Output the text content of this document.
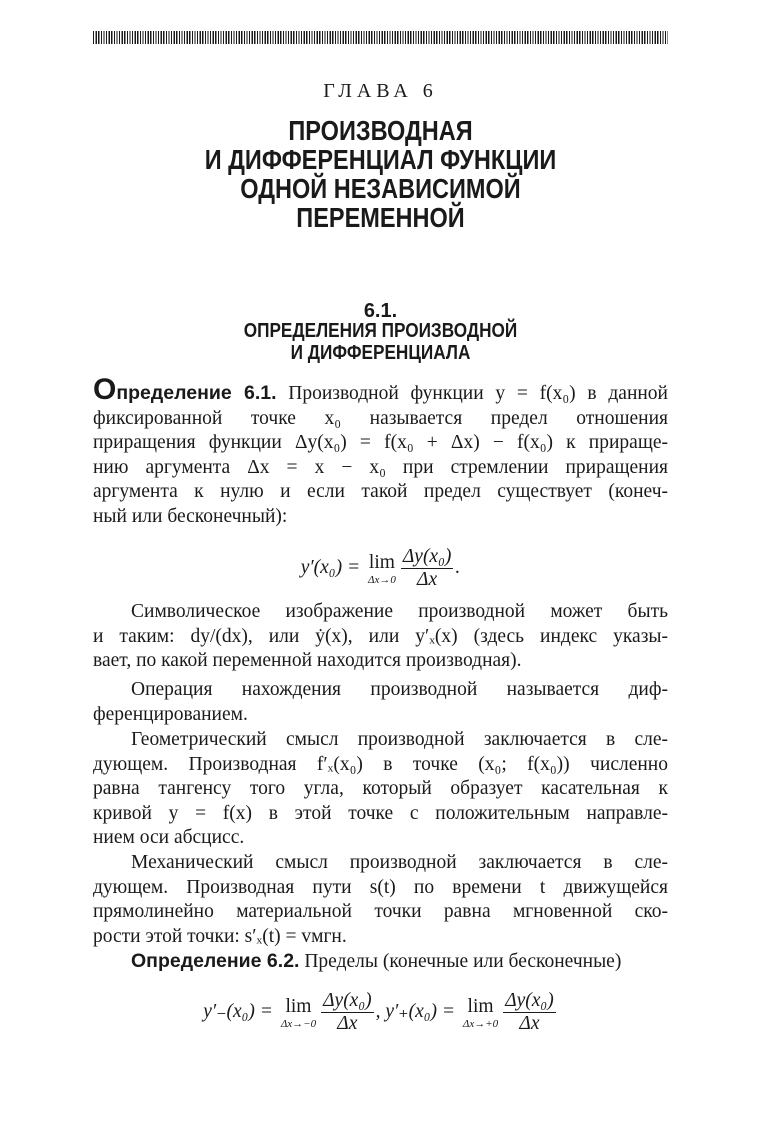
ГЛАВА 6
ПРОИЗВОДНАЯ
И ДИФФЕРЕНЦИАЛ ФУНКЦИИ
ОДНОЙ НЕЗАВИСИМОЙ
ПЕРЕМЕННОЙ
6.1.
ОПРЕДЕЛЕНИЯ ПРОИЗВОДНОЙ
И ДИФФЕРЕНЦИАЛА
Определение 6.1. Производной функции y = f(x₀) в данной
фиксированной точке x₀ называется предел отношения
приращения функции Δy(x₀) = f(x₀ + Δx) − f(x₀) к прираще-
нию аргумента Δx = x − x₀ при стремлении приращения
аргумента к нулю и если такой предел существует (конеч-
ный или бесконечный):
y′(x₀) = lim
$\Delta x\to 0 \frac{\text{Δy(x₀)}}{\Delta x}$ .
Символическое изображение производной может быть
и таким: dy/(dx), или ẏ(x), или y′ₓ(x) (здесь индекс указы-
вает, по какой переменной находится производная).
Операция нахождения производной называется диф-
ференцированием.
Геометрический смысл производной заключается в сле-
дующем. Производная f′ₓ(x₀) в точке (x₀; f(x₀)) численно
равна тангенсу того угла, который образует касательная к
кривой y = f(x) в этой точке с положительным направле-
нием оси абсцисс.
Механический смысл производной заключается в сле-
дующем. Производная пути s(t) по времени t движущейся
прямолинейно материальной точки равна мгновенной ско-
рости этой точки: s′ₓ(t) = vмгн.
Определение 6.2. Пределы (конечные или бесконечные)
y′₋(x₀) = lim
$\Delta x\to-0 \frac{\text{Δy(x₀)}}{\Delta x}$ , y′₊(x₀) = lim
$\Delta x\to+0 \frac{\text{Δy(x₀)}}{\Delta x}$
